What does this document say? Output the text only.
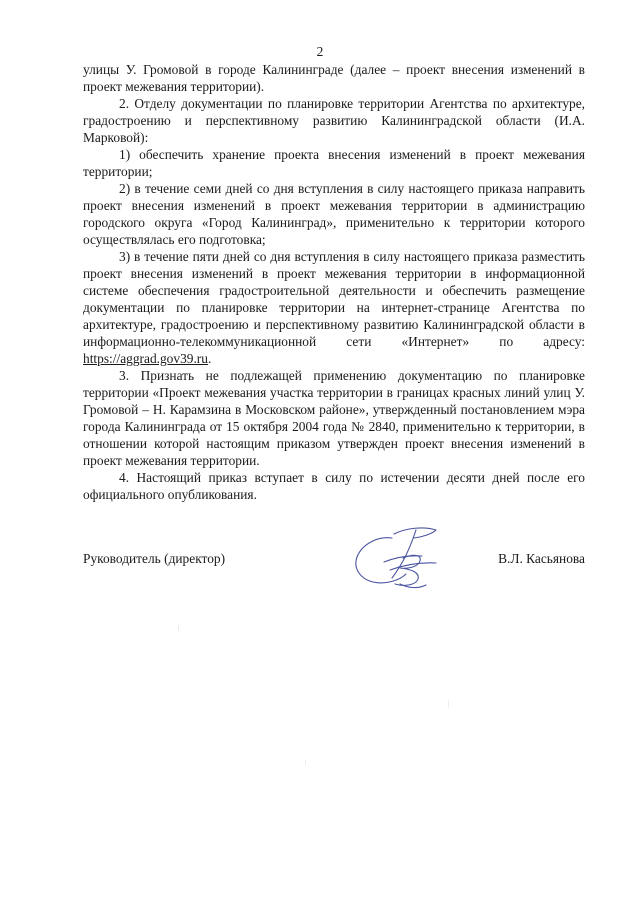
2

улицы У. Громовой в городе Калининграде (далее – проект внесения изменений в проект межевания территории).

2. Отделу документации по планировке территории Агентства по архитектуре, градостроению и перспективному развитию Калининградской области (И.А. Марковой):

1) обеспечить хранение проекта внесения изменений в проект межевания территории;

2) в течение семи дней со дня вступления в силу настоящего приказа направить проект внесения изменений в проект межевания территории в администрацию городского округа «Город Калининград», применительно к территории которого осуществлялась его подготовка;

3) в течение пяти дней со дня вступления в силу настоящего приказа разместить проект внесения изменений в проект межевания территории в информационной системе обеспечения градостроительной деятельности и обеспечить размещение документации по планировке территории на интернет-странице Агентства по архитектуре, градостроению и перспективному развитию Калининградской области в информационно-телекоммуникационной сети «Интернет» по адресу: https://aggrad.gov39.ru.

3. Признать не подлежащей применению документацию по планировке территории «Проект межевания участка территории в границах красных линий улиц У. Громовой – Н. Карамзина в Московском районе», утвержденный постановлением мэра города Калининграда от 15 октября 2004 года № 2840, применительно к территории, в отношении которой настоящим приказом утвержден проект внесения изменений в проект межевания территории.

4. Настоящий приказ вступает в силу по истечении десяти дней после его официального опубликования.

Руководитель (директор)	В.Л. Касьянова
